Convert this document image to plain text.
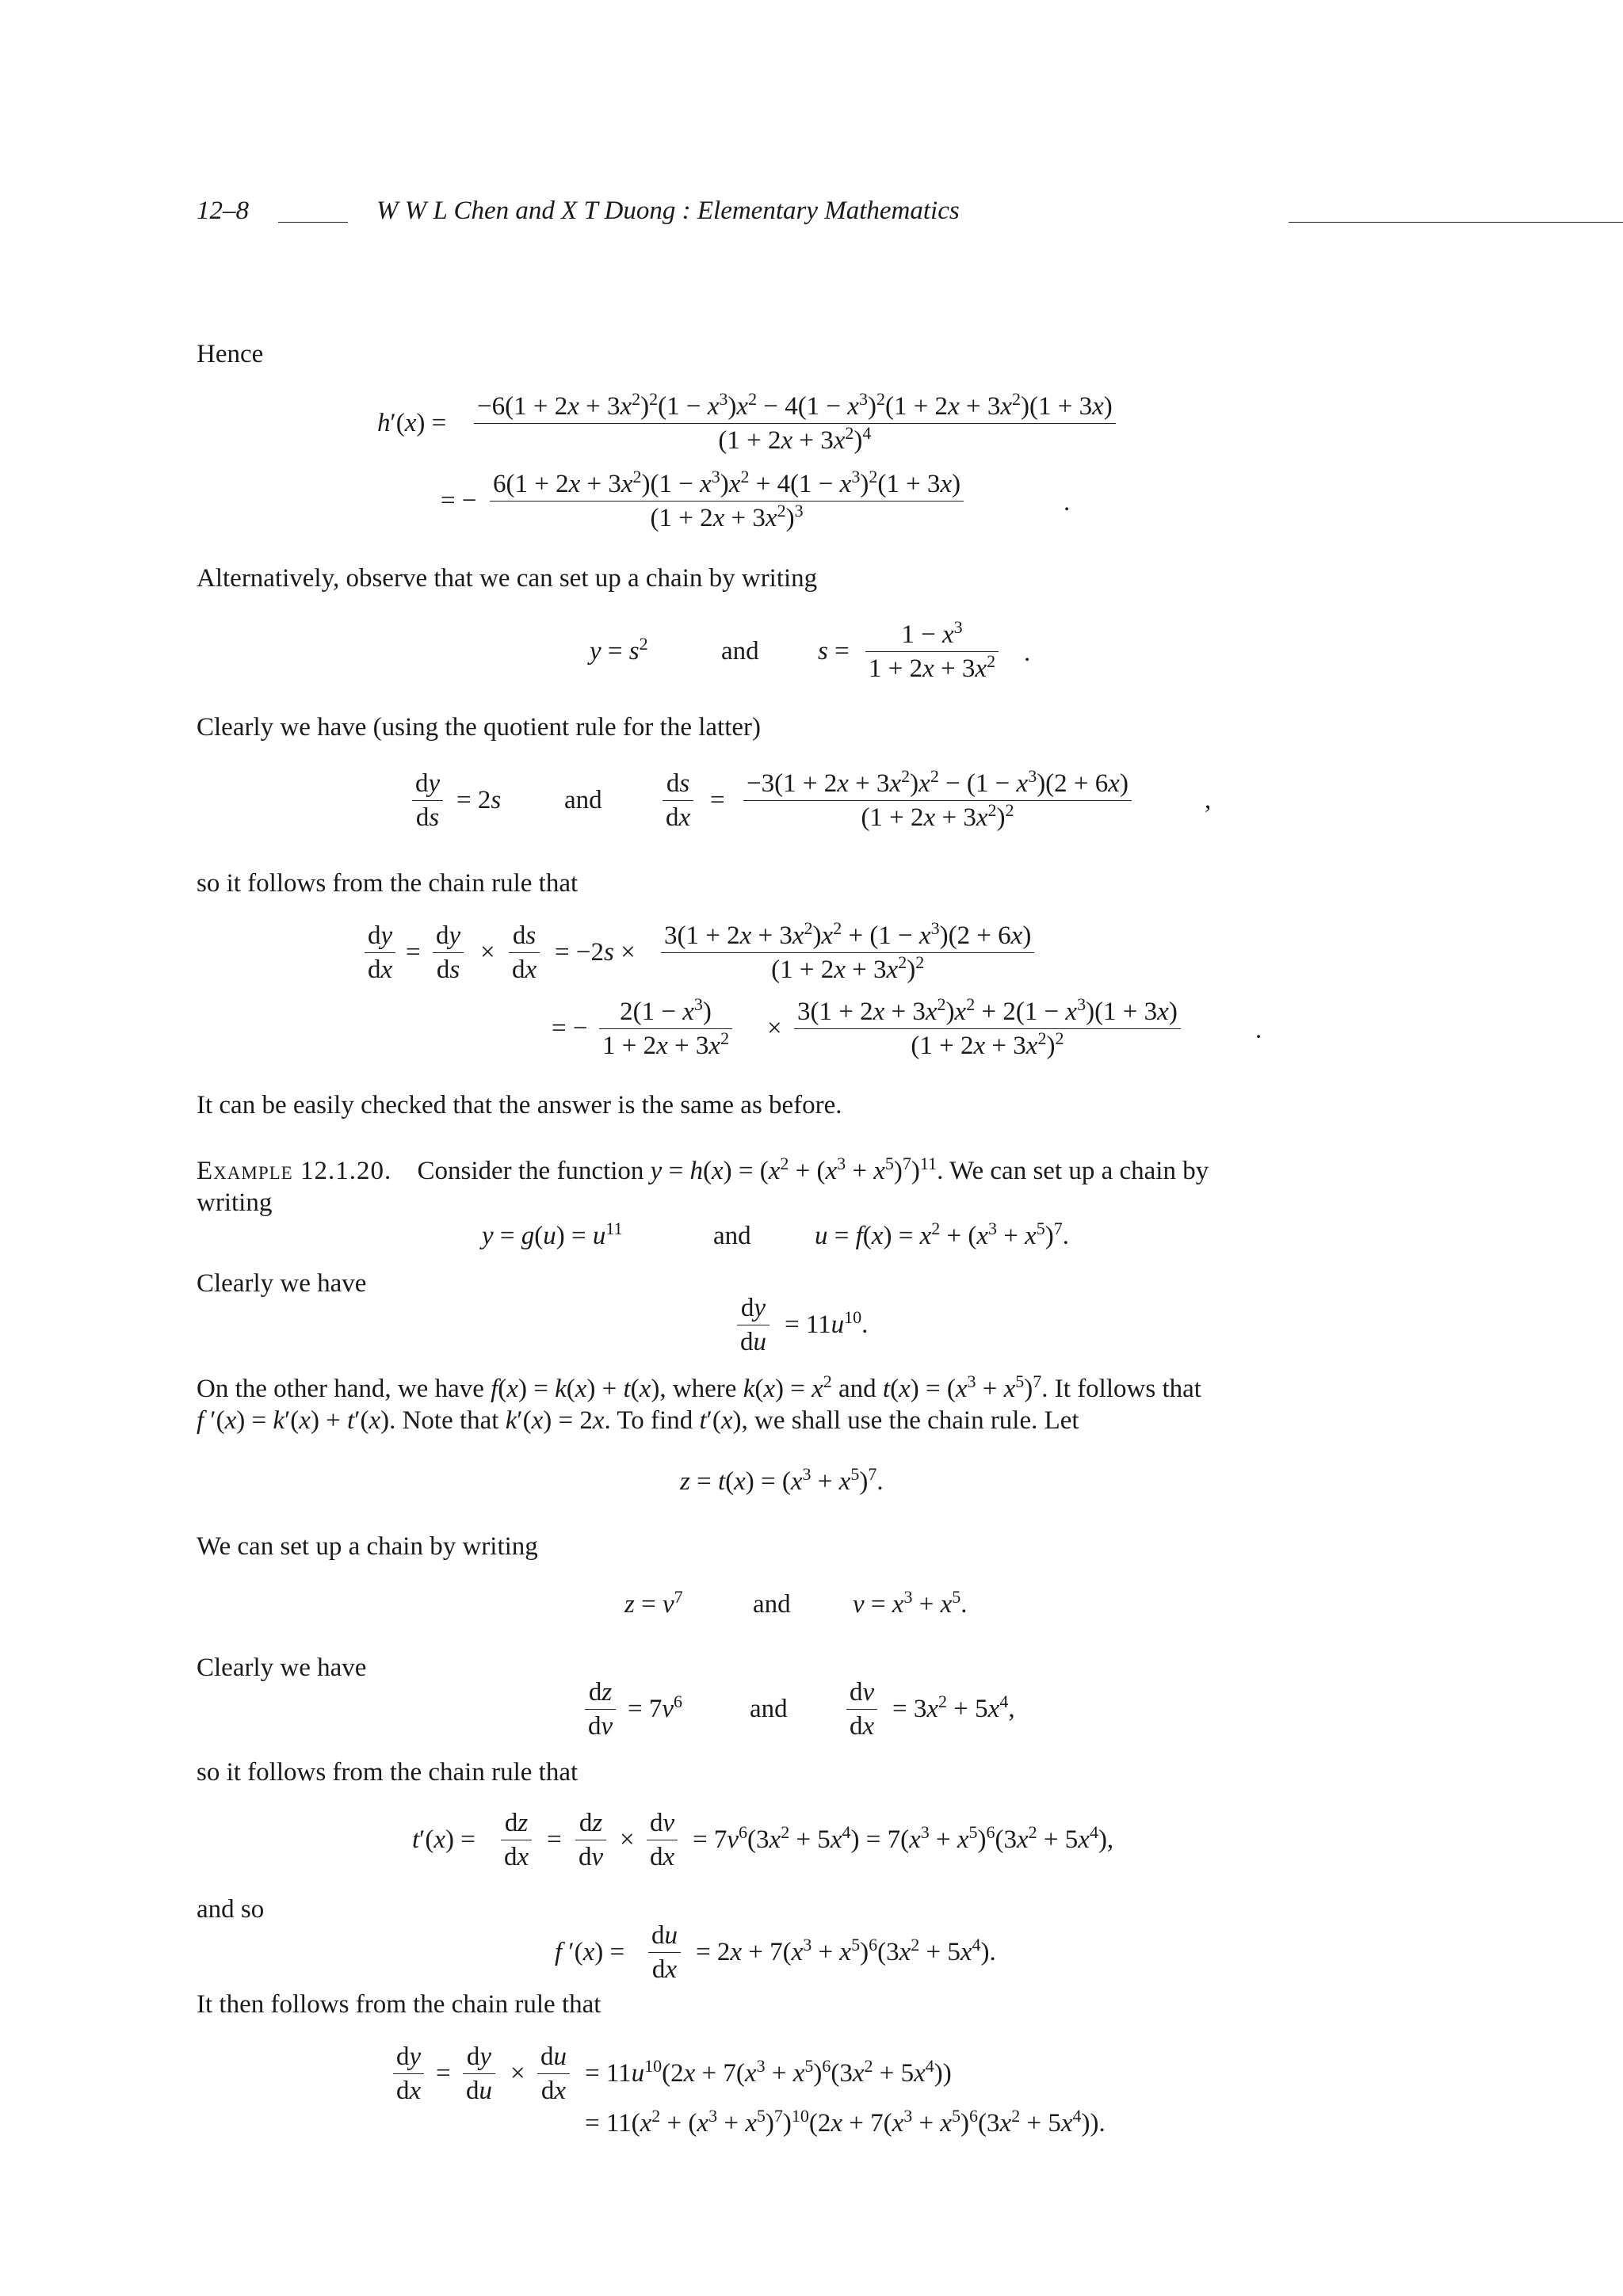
12–8	W W L Chen and X T Duong : Elementary Mathematics
Hence
h′(x) =
$-6(1 + 2x + 3x^2)^2(1 - x^3)x^2 - 4(1 - x^3)^2(1 + 2x + 3x^2)(1 + 3x)$
$(1 + 2x + 3x^2)^4$
= − $\frac{6(1 + 2x + 3x^2)(1 - x^3)x^2 + 4(1 - x^3)^2(1 + 3x)}{(1 + 2x + 3x^2)^3}$	.
Alternatively, observe that we can set up a chain by writing
$y = s^2$	and $s = \frac{1 - x^3}{1 + 2x + 3x^2}$ .
Clearly we have (using the quotient rule for the latter)
$\frac{dy}{ds} = 2s$ and $\frac{ds}{dx} = \frac{-3(1 + 2x + 3x^2)x^2 - (1 - x^3)(2 + 6x)}{(1 + 2x + 3x^2)^2}$	,
so it follows from the chain rule that
$\frac{dy}{dx} = \frac{dy}{ds} \times \frac{ds}{dx} = -2s \times \frac{3(1 + 2x + 3x^2)x^2 + (1 - x^3)(2 + 6x)}{(1 + 2x + 3x^2)^2}$
= − $\frac{2(1 - x^3)}{1 + 2x + 3x^2} \times \frac{3(1 + 2x + 3x^2)x^2 + 2(1 - x^3)(1 + 3x)}{(1 + 2x + 3x^2)^2}$	.
It can be easily checked that the answer is the same as before.
Example 12.1.20. Consider the function $y = h(x) = (x^2 + (x^3 + x^5)^7)^{11}$. We can set up a chain by
writing
$y = g(u) = u^{11}$	and $u = f(x) = x^2 + (x^3 + x^5)^7$.
Clearly we have
$\frac{dy}{du} = 11u^{10}$.
On the other hand, we have f(x) = k(x) + t(x), where $k(x) = x^2$ and $t(x) = (x^3 + x^5)^7$. It follows that
f ′(x) = k′(x) + t′(x). Note that k′(x) = 2x. To find t′(x), we shall use the chain rule. Let
$z = t(x) = (x^3 + x^5)^7$.
We can set up a chain by writing
$z = v^7$	and $v = x^3 + x^5$.
Clearly we have
$\frac{dz}{dv} = 7v^6$	and $\frac{dv}{dx} = 3x^2 + 5x^4$,
so it follows from the chain rule that
$t'(x) = \frac{dz}{dx} = \frac{dz}{dv} \times \frac{dv}{dx} = 7v^6(3x^2 + 5x^4) = 7(x^3 + x^5)^6(3x^2 + 5x^4)$,
and so
f $'(x) = \frac{du}{dx} = 2x + 7(x^3 + x^5)^6(3x^2 + 5x^4)$.
It then follows from the chain rule that
$\frac{dy}{dx} = \frac{dy}{du} \times \frac{du}{dx} = 11u^{10}(2x + 7(x^3 + x^5)^6(3x^2 + 5x^4))$
= $11(x^2 + (x^3 + x^5)^7)^{10}(2x + 7(x^3 + x^5)^6(3x^2 + 5x^4))$.
